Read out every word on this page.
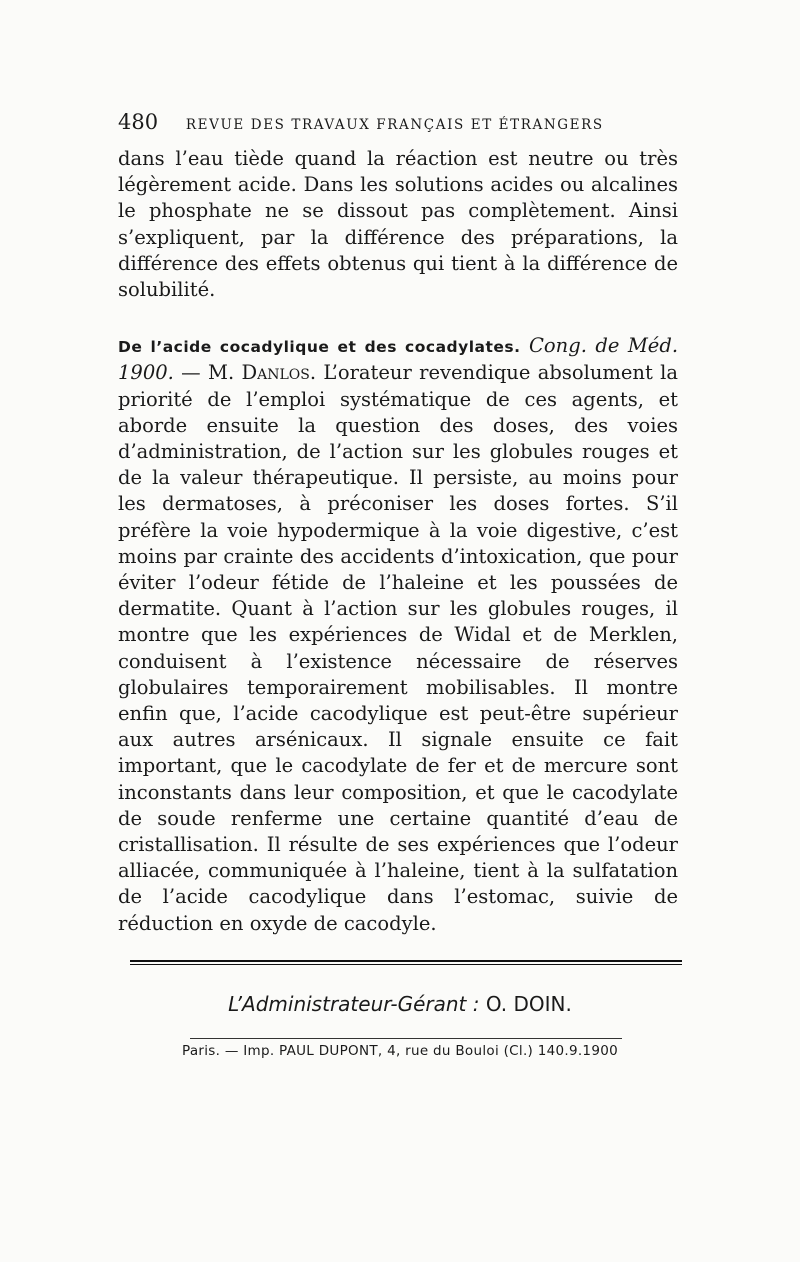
480 REVUE DES TRAVAUX FRANÇAIS ET ÉTRANGERS

dans l’eau tiède quand la réaction est neutre ou très légèrement acide. Dans les solutions acides ou alcalines le phosphate ne se dissout pas complètement. Ainsi s’expliquent, par la différence des préparations, la différence des effets obtenus qui tient à la différence de solubilité.

De l’acide cocadylique et des cocadylates. Cong. de Méd. 1900. — M. Danlos. L’orateur revendique absolument la priorité de l’emploi systématique de ces agents, et aborde ensuite la question des doses, des voies d’administration, de l’action sur les globules rouges et de la valeur thérapeutique. Il persiste, au moins pour les dermatoses, à préconiser les doses fortes. S’il préfère la voie hypodermique à la voie digestive, c’est moins par crainte des accidents d’intoxication, que pour éviter l’odeur fétide de l’haleine et les poussées de dermatite. Quant à l’action sur les globules rouges, il montre que les expériences de Widal et de Merklen, conduisent à l’existence nécessaire de réserves globulaires temporairement mobilisables. Il montre enfin que, l’acide cacodylique est peut-être supérieur aux autres arsénicaux. Il signale ensuite ce fait important, que le cacodylate de fer et de mercure sont inconstants dans leur composition, et que le cacodylate de soude renferme une certaine quantité d’eau de cristallisation. Il résulte de ses expériences que l’odeur alliacée, communiquée à l’haleine, tient à la sulfatation de l’acide cacodylique dans l’estomac, suivie de réduction en oxyde de cacodyle.

L’Administrateur-Gérant : O. DOIN.
Paris. — Imp. PAUL DUPONT, 4, rue du Bouloi (Cl.) 140.9.1900
